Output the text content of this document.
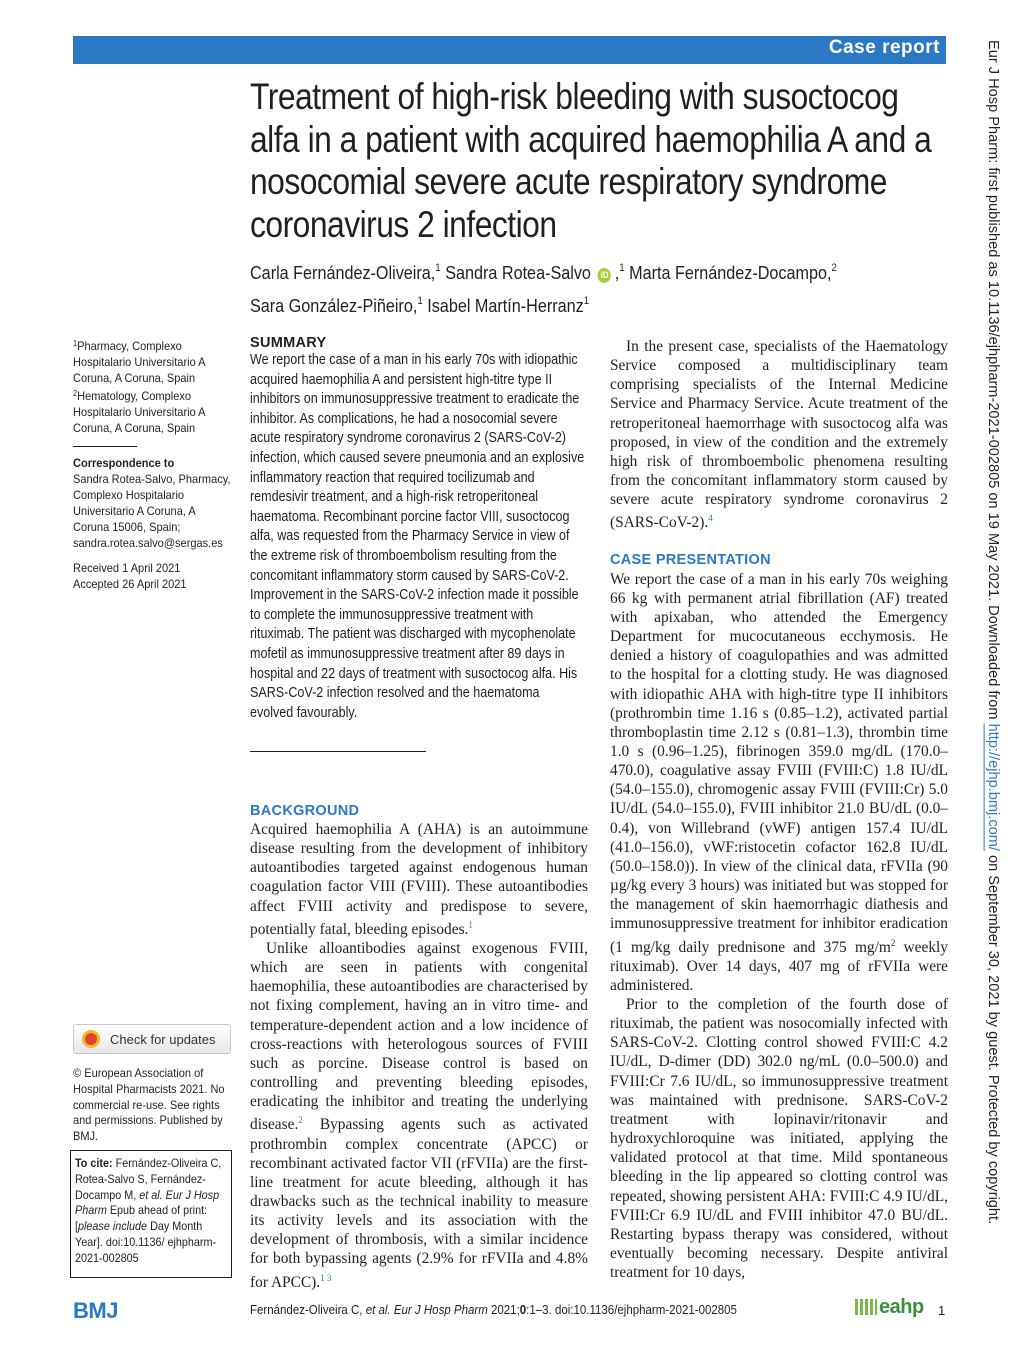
Case report	Eur J Hosp Pharm: first published as 10.1136/ejhpharm-2021-002805 on 19 May 2021. Downloaded from http://ejhp.bmj.com/ on September 30, 2021 by guest. Protected by copyright.
Treatment of high-risk bleeding with susoctocog alfa in a patient with acquired haemophilia A and a nosocomial severe acute respiratory syndrome coronavirus 2 infection
Carla Fernández-Oliveira,$^1$ Sandra Rotea-Salvo iD ,$^1$ Marta Fernández-Docampo,$^2$
Sara González-Piñeiro,$^1$ Isabel Martín-Herranz$^1$
$^1$Pharmacy, Complexo Hospitalario Universitario A Coruna, A Coruna, Spain
$^2$Hematology, Complexo Hospitalario Universitario A Coruna, A Coruna, Spain
Correspondence to
Sandra Rotea-Salvo, Pharmacy, Complexo Hospitalario Universitario A Coruna, A Coruna 15006, Spain; sandra.rotea.salvo@sergas.es
Received 1 April 2021
Accepted 26 April 2021
Check for updates
© European Association of Hospital Pharmacists 2021. No commercial re-use. See rights and permissions. Published by BMJ.
To cite: Fernández-Oliveira C, Rotea-Salvo S, Fernández-Docampo M, et al. Eur J Hosp Pharm Epub ahead of print: [please include Day Month Year]. doi:10.1136/ ejhpharm-2021-002805
SUMMARY
We report the case of a man in his early 70s with idiopathic acquired haemophilia A and persistent high-titre type II inhibitors on immunosuppressive treatment to eradicate the inhibitor. As complications, he had a nosocomial severe acute respiratory syndrome coronavirus 2 (SARS-CoV-2) infection, which caused severe pneumonia and an explosive inflammatory reaction that required tocilizumab and remdesivir treatment, and a high-risk retroperitoneal haematoma. Recombinant porcine factor VIII, susoctocog alfa, was requested from the Pharmacy Service in view of the extreme risk of thromboembolism resulting from the concomitant inflammatory storm caused by SARS-CoV-2. Improvement in the SARS-CoV-2 infection made it possible to complete the immunosuppressive treatment with rituximab. The patient was discharged with mycophenolate mofetil as immunosuppressive treatment after 89 days in hospital and 22 days of treatment with susoctocog alfa. His SARS-CoV-2 infection resolved and the haematoma evolved favourably.
BACKGROUND

Acquired haemophilia A (AHA) is an autoimmune disease resulting from the development of inhibitory autoantibodies targeted against endogenous human coagulation factor VIII (FVIII). These autoantibodies affect FVIII activity and predispose to severe, potentially fatal, bleeding episodes.$^1$

Unlike alloantibodies against exogenous FVIII, which are seen in patients with congenital haemophilia, these autoantibodies are characterised by not fixing complement, having an in vitro time- and temperature-dependent action and a low incidence of cross-reactions with heterologous sources of FVIII such as porcine. Disease control is based on controlling and preventing bleeding episodes, eradicating the inhibitor and treating the underlying disease.$^2$ Bypassing agents such as activated prothrombin complex concentrate (APCC) or recombinant activated factor VII (rFVIIa) are the first-line treatment for acute bleeding, although it has drawbacks such as the technical inability to measure its activity levels and its association with the development of thrombosis, with a similar incidence for both bypassing agents (2.9% for rFVIIa and 4.8% for APCC).$^{1 3}$

In the present case, specialists of the Haematology Service composed a multidisciplinary team comprising specialists of the Internal Medicine Service and Pharmacy Service. Acute treatment of the retroperitoneal haemorrhage with susoctocog alfa was proposed, in view of the condition and the extremely high risk of thromboembolic phenomena resulting from the concomitant inflammatory storm caused by severe acute respiratory syndrome coronavirus 2 (SARS-CoV-2).$^4$

CASE PRESENTATION

We report the case of a man in his early 70s weighing 66 kg with permanent atrial fibrillation (AF) treated with apixaban, who attended the Emergency Department for mucocutaneous ecchymosis. He denied a history of coagulopathies and was admitted to the hospital for a clotting study. He was diagnosed with idiopathic AHA with high-titre type II inhibitors (prothrombin time 1.16 s (0.85–1.2), activated partial thromboplastin time 2.12 s (0.81–1.3), thrombin time 1.0 s (0.96–1.25), fibrinogen 359.0 mg/dL (170.0–470.0), coagulative assay FVIII (FVIII:C) 1.8 IU/dL (54.0–155.0), chromogenic assay FVIII (FVIII:Cr) 5.0 IU/dL (54.0–155.0), FVIII inhibitor 21.0 BU/dL (0.0–0.4), von Willebrand (vWF) antigen 157.4 IU/dL (41.0–156.0), vWF:ristocetin cofactor 162.8 IU/dL (50.0–158.0)). In view of the clinical data, rFVIIa (90 µg/kg every 3 hours) was initiated but was stopped for the management of skin haemorrhagic diathesis and immunosuppressive treatment for inhibitor eradication (1 mg/kg daily prednisone and 375 $mg/m^2$ weekly rituximab). Over 14 days, 407 mg of rFVIIa were administered.

Prior to the completion of the fourth dose of rituximab, the patient was nosocomially infected with SARS-CoV-2. Clotting control showed FVIII:C 4.2 IU/dL, D-dimer (DD) 302.0 ng/mL (0.0–500.0) and FVIII:Cr 7.6 IU/dL, so immunosuppressive treatment was maintained with prednisone. SARS-CoV-2 treatment with lopinavir/ritonavir and hydroxychloroquine was initiated, applying the validated protocol at that time. Mild spontaneous bleeding in the lip appeared so clotting control was repeated, showing persistent AHA: FVIII:C 4.9 IU/dL, FVIII:Cr 6.9 IU/dL and FVIII inhibitor 47.0 BU/dL. Restarting bypass therapy was considered, without eventually becoming necessary. Despite antiviral treatment for 10 days,

BMJ	Fernández-Oliveira C, et al. Eur J Hosp Pharm 2021;0:1–3. doi:10.1136/ejhpharm-2021-002805	eahp 1
